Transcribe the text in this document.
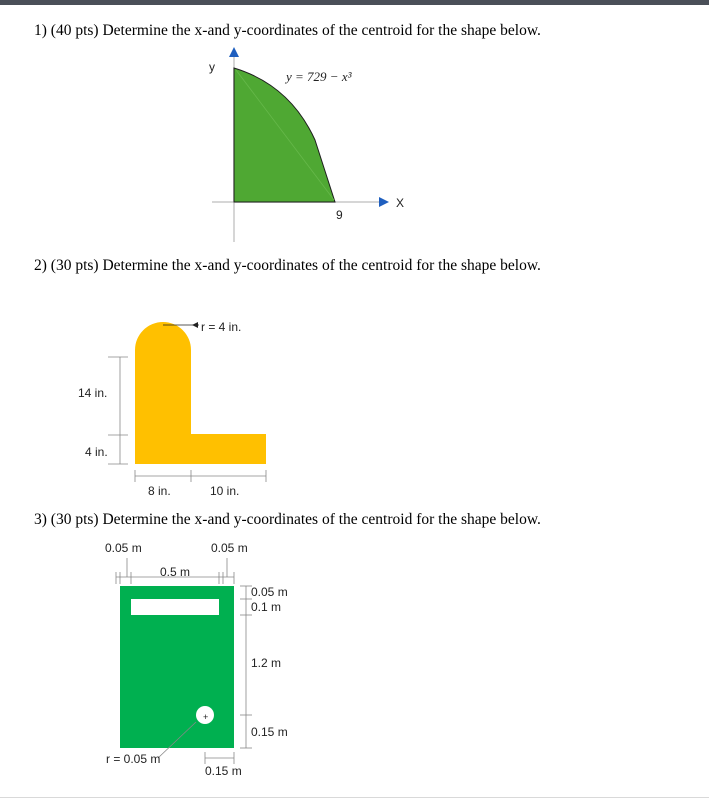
1) (40 pts) Determine the x-and y-coordinates of the centroid for the shape below.
2) (30 pts) Determine the x-and y-coordinates of the centroid for the shape below.
3) (30 pts) Determine the x-and y-coordinates of the centroid for the shape below.
y
X
y = 729 − x³
9
r = 4 in.
14 in.
4 in.
8 in.	10 in.
+
0.05 m	0.05 m
0.5 m
0.05 m
0.1 m
1.2 m
0.15 m
0.15 m
r = 0.05 m
